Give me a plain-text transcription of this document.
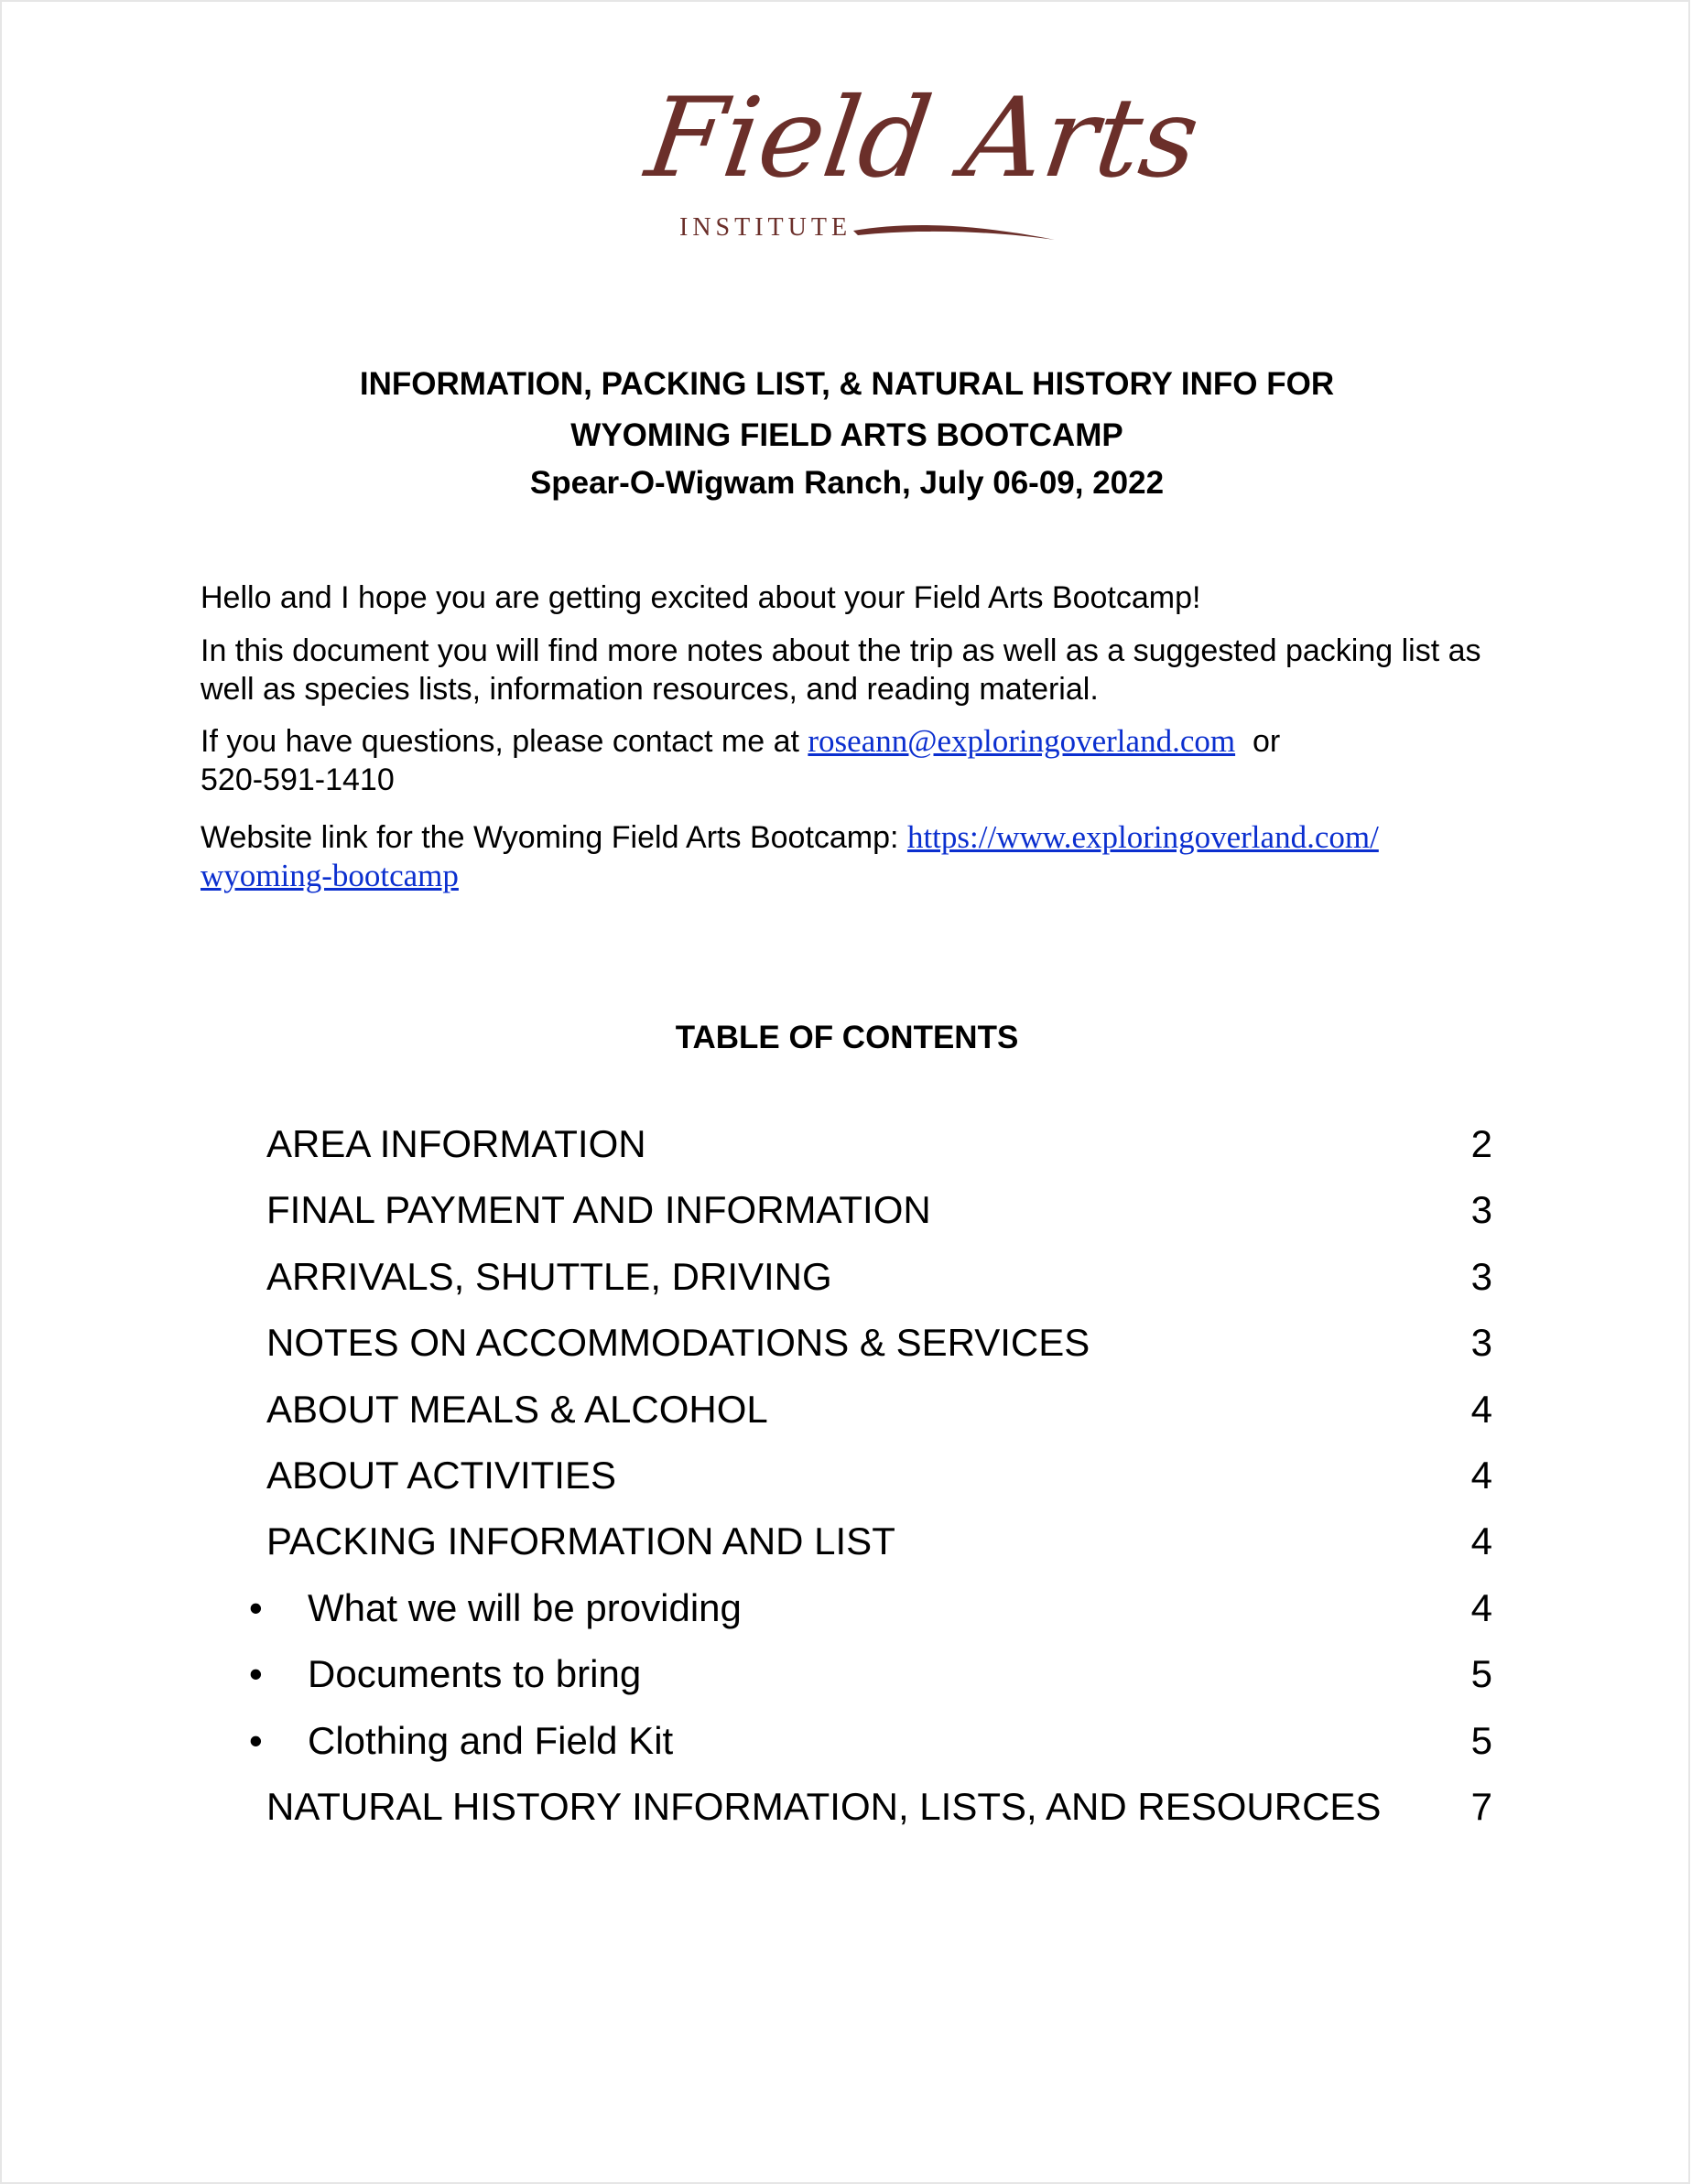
Field Arts
INSTITUTE
INFORMATION, PACKING LIST, & NATURAL HISTORY INFO FOR
WYOMING FIELD ARTS BOOTCAMP
Spear-O-Wigwam Ranch, July 06-09, 2022
Hello and I hope you are getting excited about your Field Arts Bootcamp!
In this document you will find more notes about the trip as well as a suggested packing list as well as species lists, information resources, and reading material.
If you have questions, please contact me at roseann@exploringoverland.com  or
520-591-1410
Website link for the Wyoming Field Arts Bootcamp: https://www.exploringoverland.com/
wyoming-bootcamp
TABLE OF CONTENTS
AREA INFORMATION	2
FINAL PAYMENT AND INFORMATION	3
ARRIVALS, SHUTTLE, DRIVING	3
NOTES ON ACCOMMODATIONS & SERVICES	3
ABOUT MEALS & ALCOHOL	4
ABOUT ACTIVITIES	4
PACKING INFORMATION AND LIST	4
• What we will be providing	4
• Documents to bring	5
• Clothing and Field Kit	5
NATURAL HISTORY INFORMATION, LISTS, AND RESOURCES 7
